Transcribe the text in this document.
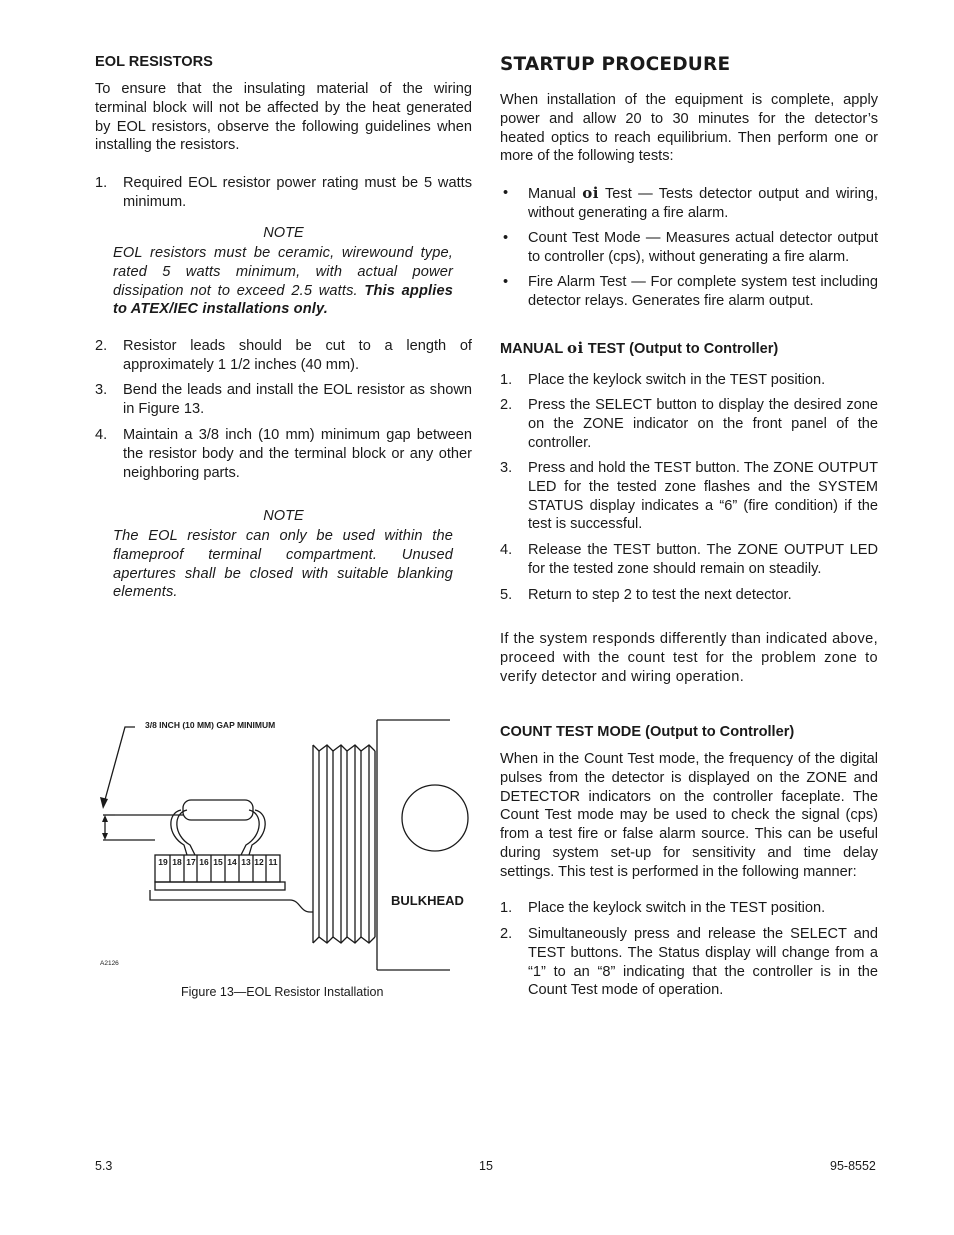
EOL RESISTORS

To ensure that the insulating material of the wiring terminal block will not be affected by the heat generated by EOL resistors, observe the following guidelines when installing the resistors.

1. Required EOL resistor power rating must be 5 watts minimum.
NOTE
EOL resistors must be ceramic, wirewound type, rated 5 watts minimum, with actual power dissipation not to exceed 2.5 watts. This applies to ATEX/IEC installations only.
2. Resistor leads should be cut to a length of approximately 1 1/2 inches (40 mm).
3. Bend the leads and install the EOL resistor as shown in Figure 13.
4. Maintain a 3/8 inch (10 mm) minimum gap between the resistor body and the terminal block or any other neighboring parts.
NOTE
The EOL resistor can only be used within the flameproof terminal compartment. Unused apertures shall be closed with suitable blanking elements.
3/8 INCH (10 MM) GAP MINIMUM
19 18 17 16 15 14 13 12 11
BULKHEAD
A2126
Figure 13—EOL Resistor Installation
STARTUP PROCEDURE

When installation of the equipment is complete, apply power and allow 20 to 30 minutes for the detector’s heated optics to reach equilibrium. Then perform one or more of the following tests:

• Manual oi Test — Tests detector output and wiring, without generating a fire alarm.
• Count Test Mode — Measures actual detector output to controller (cps), without generating a fire alarm.
• Fire Alarm Test — For complete system test including detector relays. Generates fire alarm output.
MANUAL oi TEST (Output to Controller)
1. Place the keylock switch in the TEST position.
2. Press the SELECT button to display the desired zone on the ZONE indicator on the front panel of the controller.
3. Press and hold the TEST button. The ZONE OUTPUT LED for the tested zone flashes and the SYSTEM STATUS display indicates a “6” (fire condition) if the test is successful.
4. Release the TEST button. The ZONE OUTPUT LED for the tested zone should remain on steadily.
5. Return to step 2 to test the next detector.

If the system responds differently than indicated above, proceed with the count test for the problem zone to verify detector and wiring operation.

COUNT TEST MODE (Output to Controller)

When in the Count Test mode, the frequency of the digital pulses from the detector is displayed on the ZONE and DETECTOR indicators on the controller faceplate. The Count Test mode may be used to check the signal (cps) from a test fire or false alarm source. This can be useful during system set-up for sensitivity and time delay settings. This test is performed in the following manner:

1. Place the keylock switch in the TEST position.
2. Simultaneously press and release the SELECT and TEST buttons. The Status display will change from a “1” to an “8” indicating that the controller is in the Count Test mode of operation.
5.3	15	95-8552
